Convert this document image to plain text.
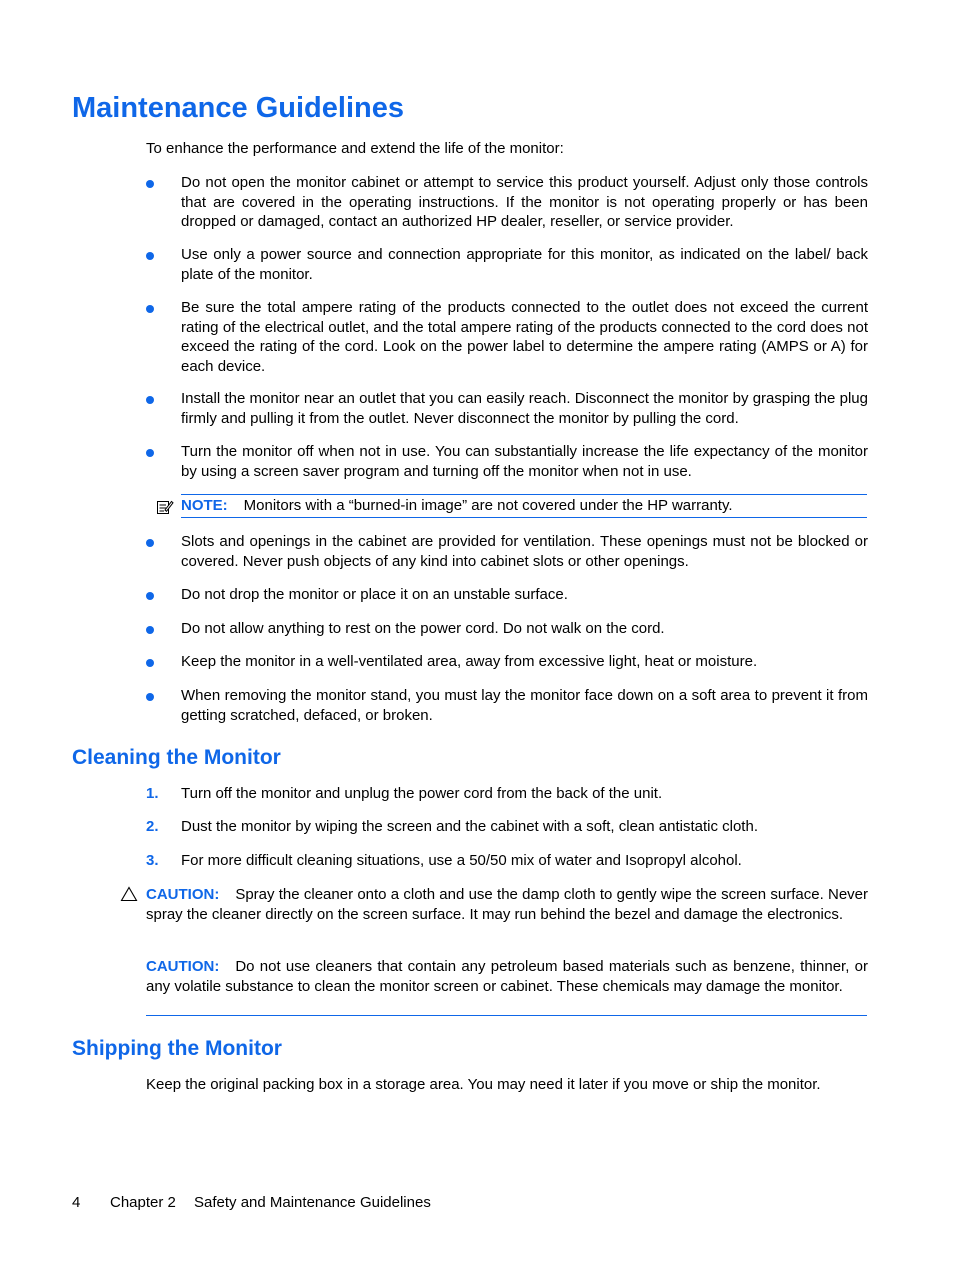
Maintenance Guidelines
To enhance the performance and extend the life of the monitor:
Do not open the monitor cabinet or attempt to service this product yourself. Adjust only those controls that are covered in the operating instructions. If the monitor is not operating properly or has been dropped or damaged, contact an authorized HP dealer, reseller, or service provider.
Use only a power source and connection appropriate for this monitor, as indicated on the label/ back plate of the monitor.
Be sure the total ampere rating of the products connected to the outlet does not exceed the current rating of the electrical outlet, and the total ampere rating of the products connected to the cord does not exceed the rating of the cord. Look on the power label to determine the ampere rating (AMPS or A) for each device.
Install the monitor near an outlet that you can easily reach. Disconnect the monitor by grasping the plug firmly and pulling it from the outlet. Never disconnect the monitor by pulling the cord.
Turn the monitor off when not in use. You can substantially increase the life expectancy of the monitor by using a screen saver program and turning off the monitor when not in use.
NOTE: Monitors with a “burned-in image” are not covered under the HP warranty.
Slots and openings in the cabinet are provided for ventilation. These openings must not be blocked or covered. Never push objects of any kind into cabinet slots or other openings.
Do not drop the monitor or place it on an unstable surface.
Do not allow anything to rest on the power cord. Do not walk on the cord.
Keep the monitor in a well-ventilated area, away from excessive light, heat or moisture.
When removing the monitor stand, you must lay the monitor face down on a soft area to prevent it from getting scratched, defaced, or broken.
Cleaning the Monitor
1. Turn off the monitor and unplug the power cord from the back of the unit.
2. Dust the monitor by wiping the screen and the cabinet with a soft, clean antistatic cloth.
3. For more difficult cleaning situations, use a 50/50 mix of water and Isopropyl alcohol.
CAUTION: Spray the cleaner onto a cloth and use the damp cloth to gently wipe the screen surface. Never spray the cleaner directly on the screen surface. It may run behind the bezel and damage the electronics.
CAUTION: Do not use cleaners that contain any petroleum based materials such as benzene, thinner, or any volatile substance to clean the monitor screen or cabinet. These chemicals may damage the monitor.
Shipping the Monitor
Keep the original packing box in a storage area. You may need it later if you move or ship the monitor.
4 Chapter 2 Safety and Maintenance Guidelines
